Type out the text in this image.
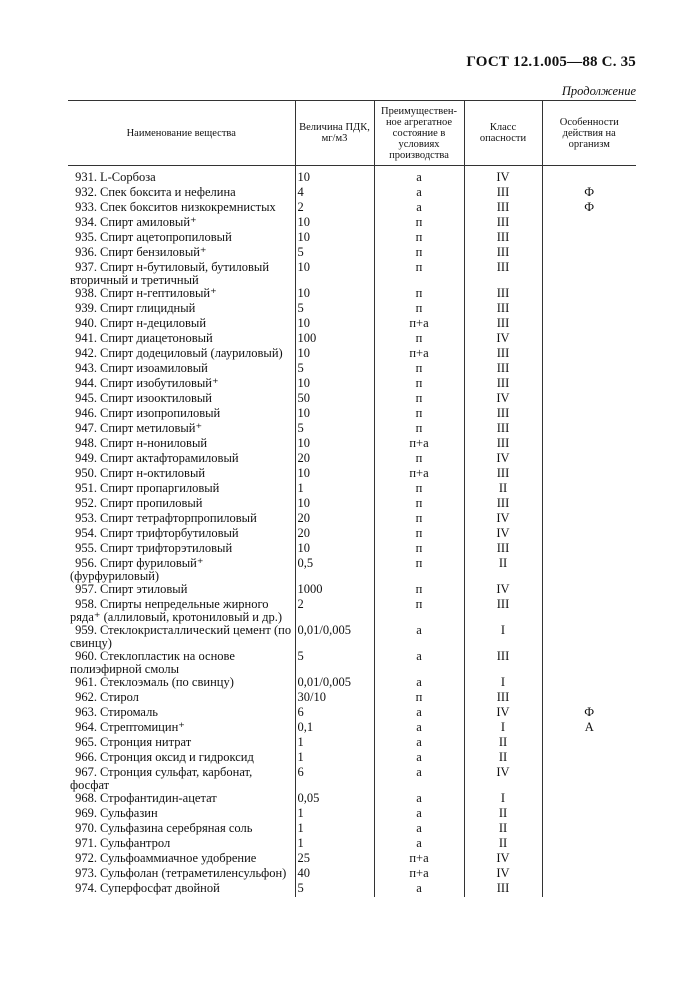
ГОСТ 12.1.005—88 С. 35
Продолжение
Наименование вещества	Величина ПДК, мг/м3	Преимуществен-ное агрегатное состояние в условиях производства	Класс опасности	Особенности действия на организм
931. L-Сорбоза	10	а	IV	
932. Спек боксита и нефелина	4	а	III	Ф
933. Спек бокситов низкокремнистых	2	а	III	Ф
934. Спирт амиловый⁺	10	п	III	
935. Спирт ацетопропиловый	10	п	III	
936. Спирт бензиловый⁺	5	п	III	
937. Спирт н-бутиловый, бутиловый вторичный и третичный	10	п	III	
938. Спирт н-гептиловый⁺	10	п	III	
939. Спирт глицидный	5	п	III	
940. Спирт н-дециловый	10	п+а	III	
941. Спирт диацетоновый	100	п	IV	
942. Спирт додециловый (лауриловый)	10	п+а	III	
943. Спирт изоамиловый	5	п	III	
944. Спирт изобутиловый⁺	10	п	III	
945. Спирт изооктиловый	50	п	IV	
946. Спирт изопропиловый	10	п	III	
947. Спирт метиловый⁺	5	п	III	
948. Спирт н-нониловый	10	п+а	III	
949. Спирт актафторамиловый	20	п	IV	
950. Спирт н-октиловый	10	п+а	III	
951. Спирт пропаргиловый	1	п	II	
952. Спирт пропиловый	10	п	III	
953. Спирт тетрафторпропиловый	20	п	IV	
954. Спирт трифторбутиловый	20	п	IV	
955. Спирт трифторэтиловый	10	п	III	
956. Спирт фуриловый⁺ (фурфуриловый)	0,5	п	II	
957. Спирт этиловый	1000	п	IV	
958. Спирты непредельные жирного ряда⁺ (аллиловый, кротониловый и др.)	2	п	III	
959. Стеклокристаллический цемент (по свинцу)	0,01/0,005	а	I	
960. Стеклопластик на основе полиэфирной смолы	5	а	III	
961. Стеклоэмаль (по свинцу)	0,01/0,005	а	I	
962. Стирол	30/10	п	III	
963. Стиромаль	6	а	IV	Ф
964. Стрептомицин⁺	0,1	а	I	А
965. Стронция нитрат	1	а	II	
966. Стронция оксид и гидроксид	1	а	II	
967. Стронция сульфат, карбонат, фосфат	6	а	IV	
968. Строфантидин-ацетат	0,05	а	I	
969. Сульфазин	1	а	II	
970. Сульфазина серебряная соль	1	а	II	
971. Сульфантрол	1	а	II	
972. Сульфоаммиачное удобрение	25	п+а	IV	
973. Сульфолан (тетраметиленсульфон)	40	п+а	IV	
974. Суперфосфат двойной	5	а	III	
